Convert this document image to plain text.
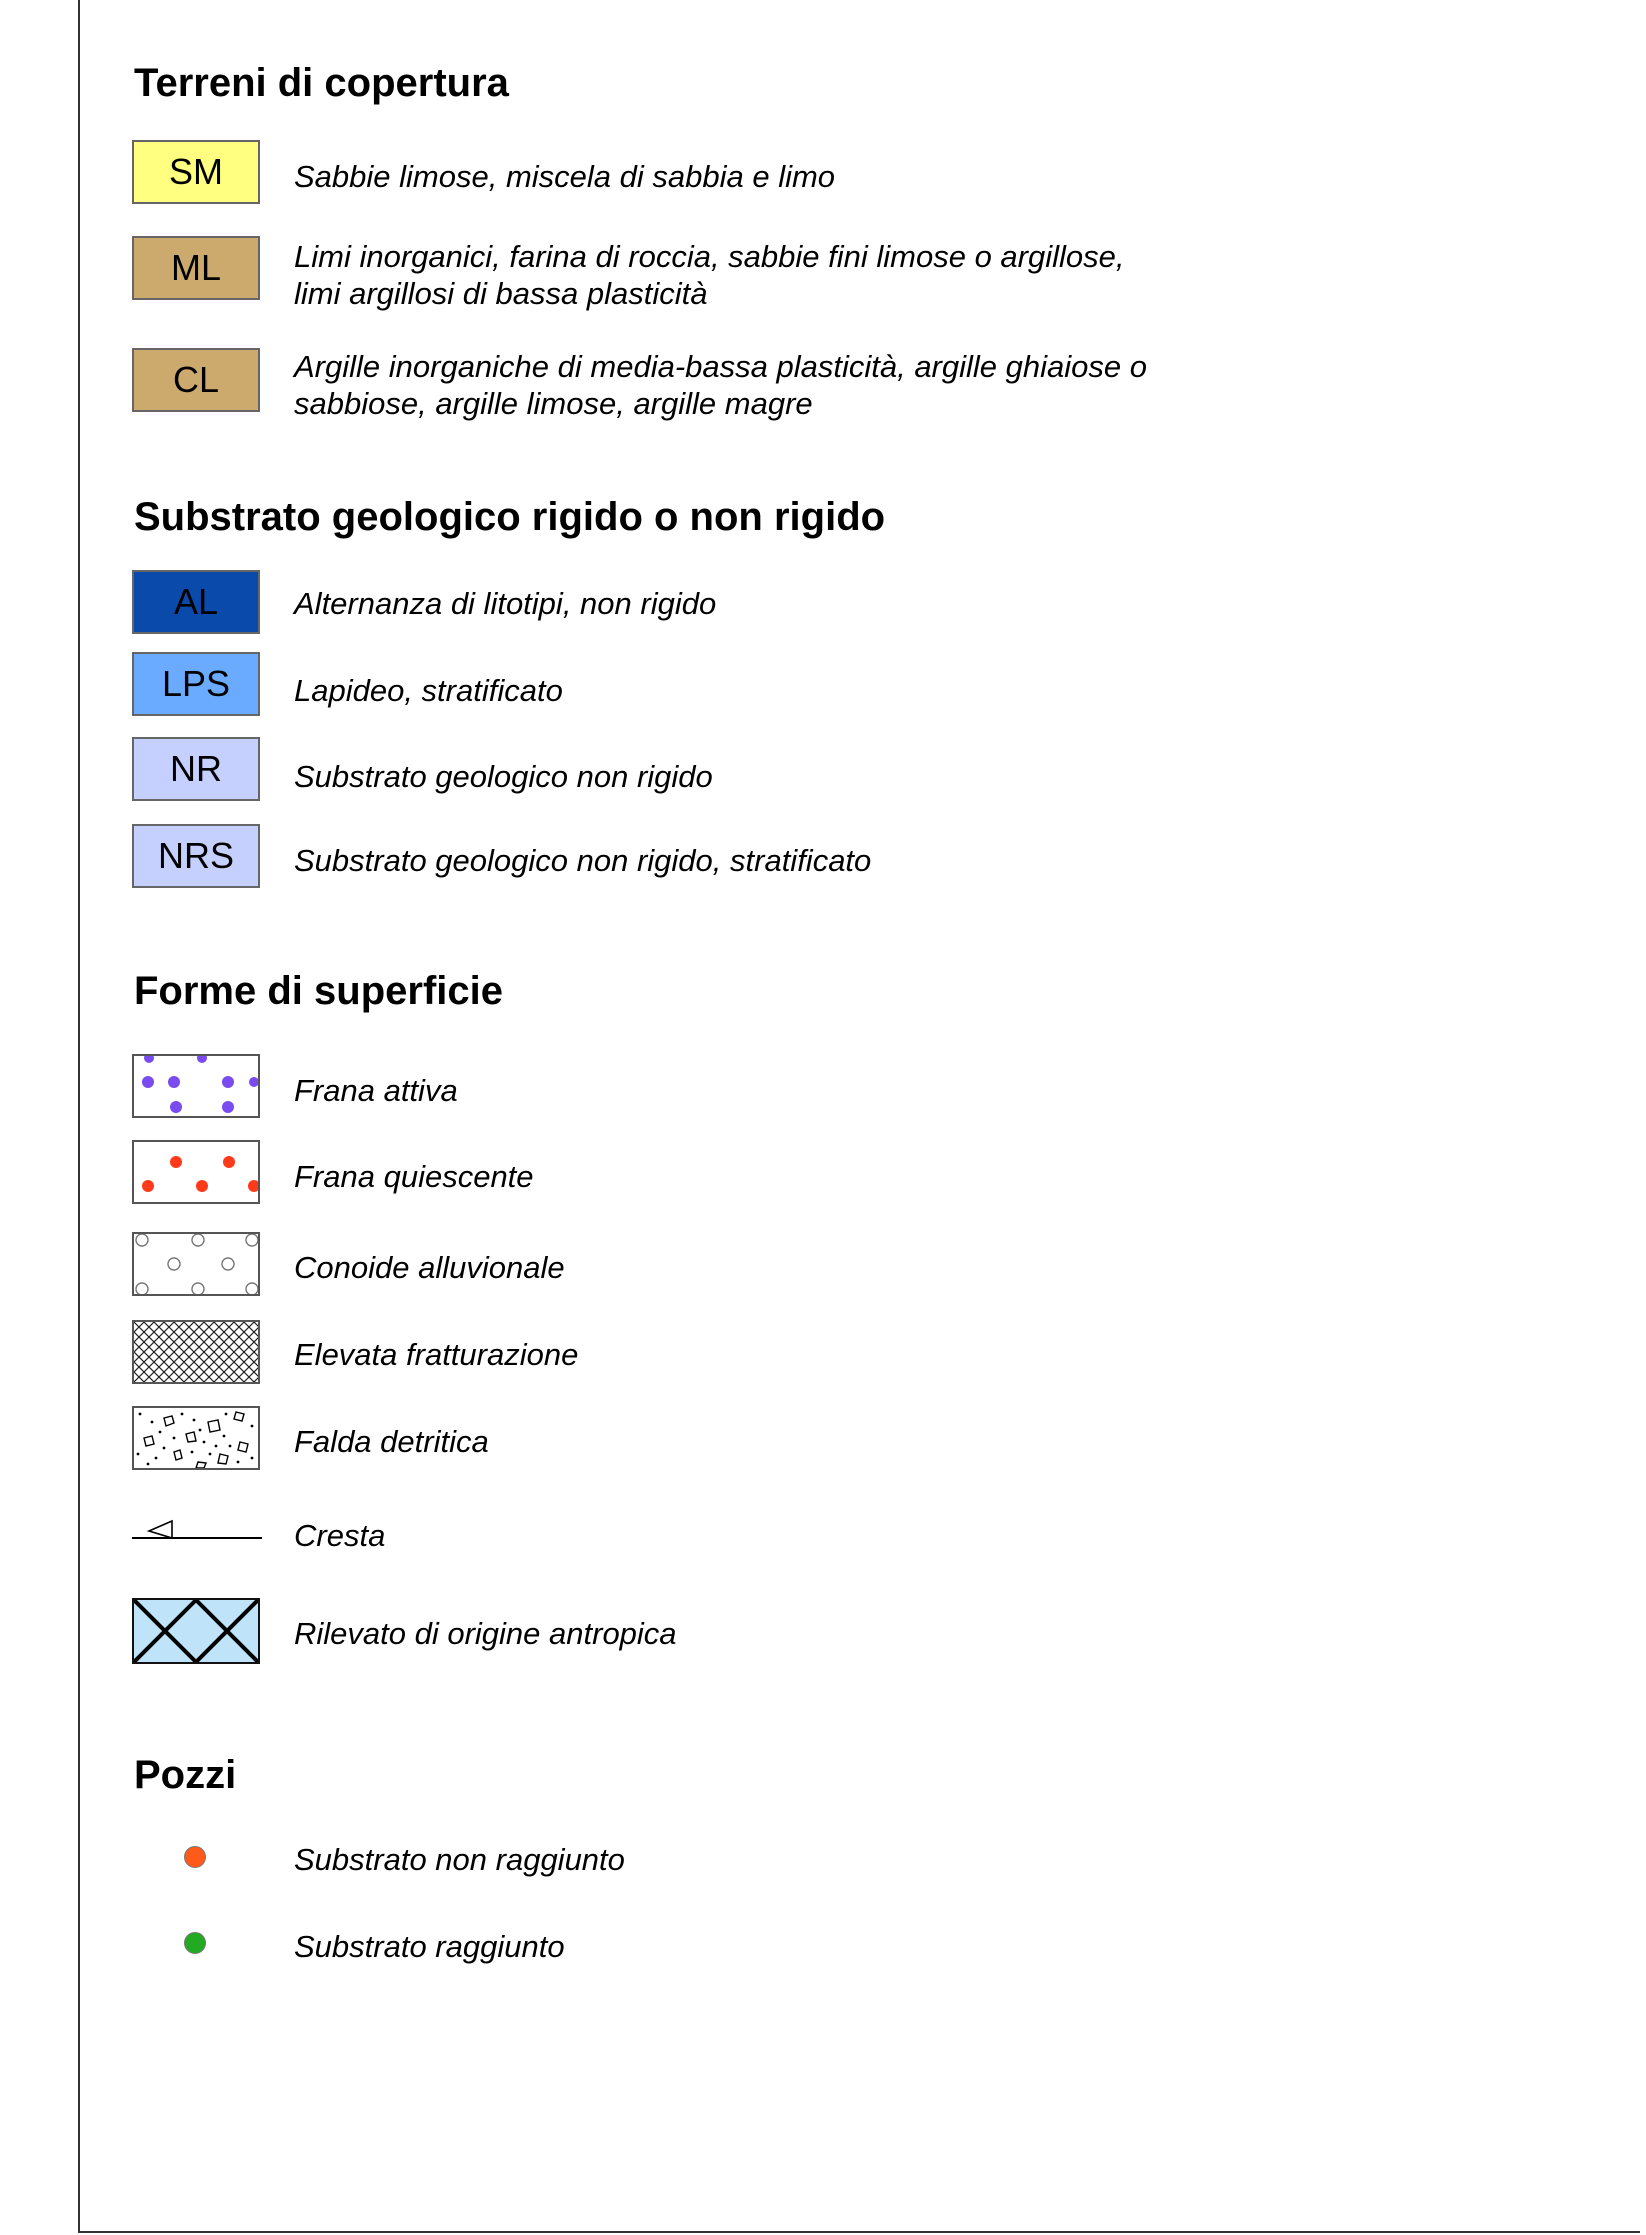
Terreni di copertura
SM	Sabbie limose, miscela di sabbia e limo
ML	Limi inorganici, farina di roccia, sabbie fini limose o argillose,
limi argillosi di bassa plasticità
CL	Argille inorganiche di media-bassa plasticità, argille ghiaiose o
sabbiose, argille limose, argille magre
Substrato geologico rigido o non rigido
AL	Alternanza di litotipi, non rigido
LPS	Lapideo, stratificato
NR	Substrato geologico non rigido
NRS	Substrato geologico non rigido, stratificato
Forme di superficie
Frana attiva
Frana quiescente
Conoide alluvionale
Elevata fratturazione
Falda detritica
Cresta
Rilevato di origine antropica
Pozzi
Substrato non raggiunto
Substrato raggiunto
